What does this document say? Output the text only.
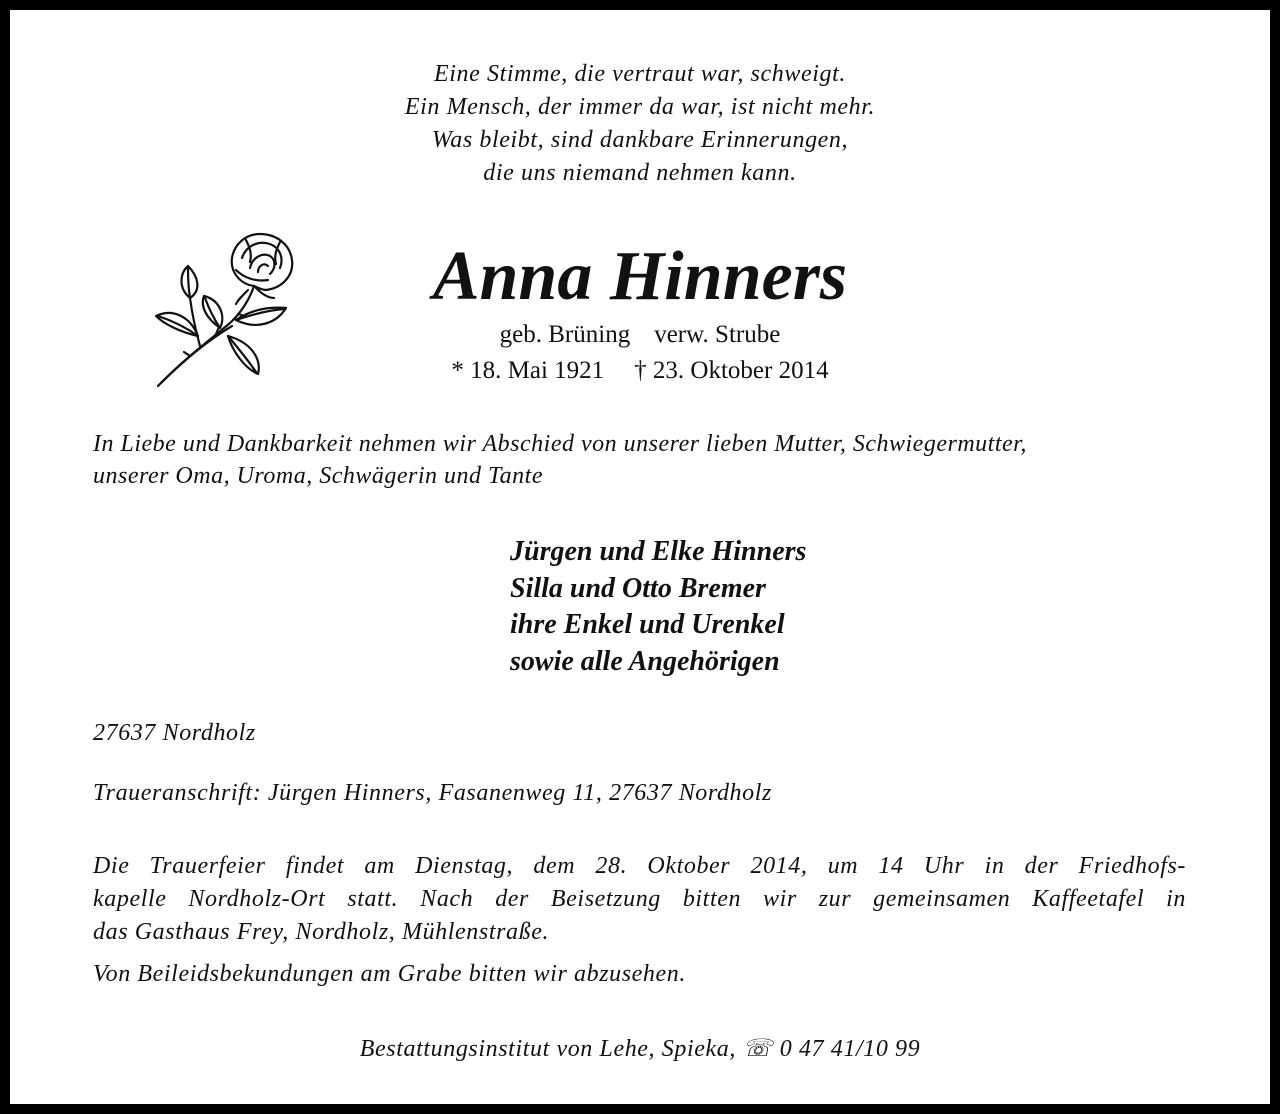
Eine Stimme, die vertraut war, schweigt.
Ein Mensch, der immer da war, ist nicht mehr.
Was bleibt, sind dankbare Erinnerungen,
die uns niemand nehmen kann.
Anna Hinners
geb. Brüning verw. Strube
* 18. Mai 1921 † 23. Oktober 2014
In Liebe und Dankbarkeit nehmen wir Abschied von unserer lieben Mutter, Schwiegermutter,
unserer Oma, Uroma, Schwägerin und Tante
Jürgen und Elke Hinners
Silla und Otto Bremer
ihre Enkel und Urenkel
sowie alle Angehörigen
27637 Nordholz
Traueranschrift: Jürgen Hinners, Fasanenweg 11, 27637 Nordholz
Die Trauerfeier findet am Dienstag, dem 28. Oktober 2014, um 14 Uhr in der Friedhofs-
kapelle Nordholz-Ort statt. Nach der Beisetzung bitten wir zur gemeinsamen Kaffeetafel in
das Gasthaus Frey, Nordholz, Mühlenstraße.
Von Beileidsbekundungen am Grabe bitten wir abzusehen.
Bestattungsinstitut von Lehe, Spieka, ☏ 0 47 41/10 99
